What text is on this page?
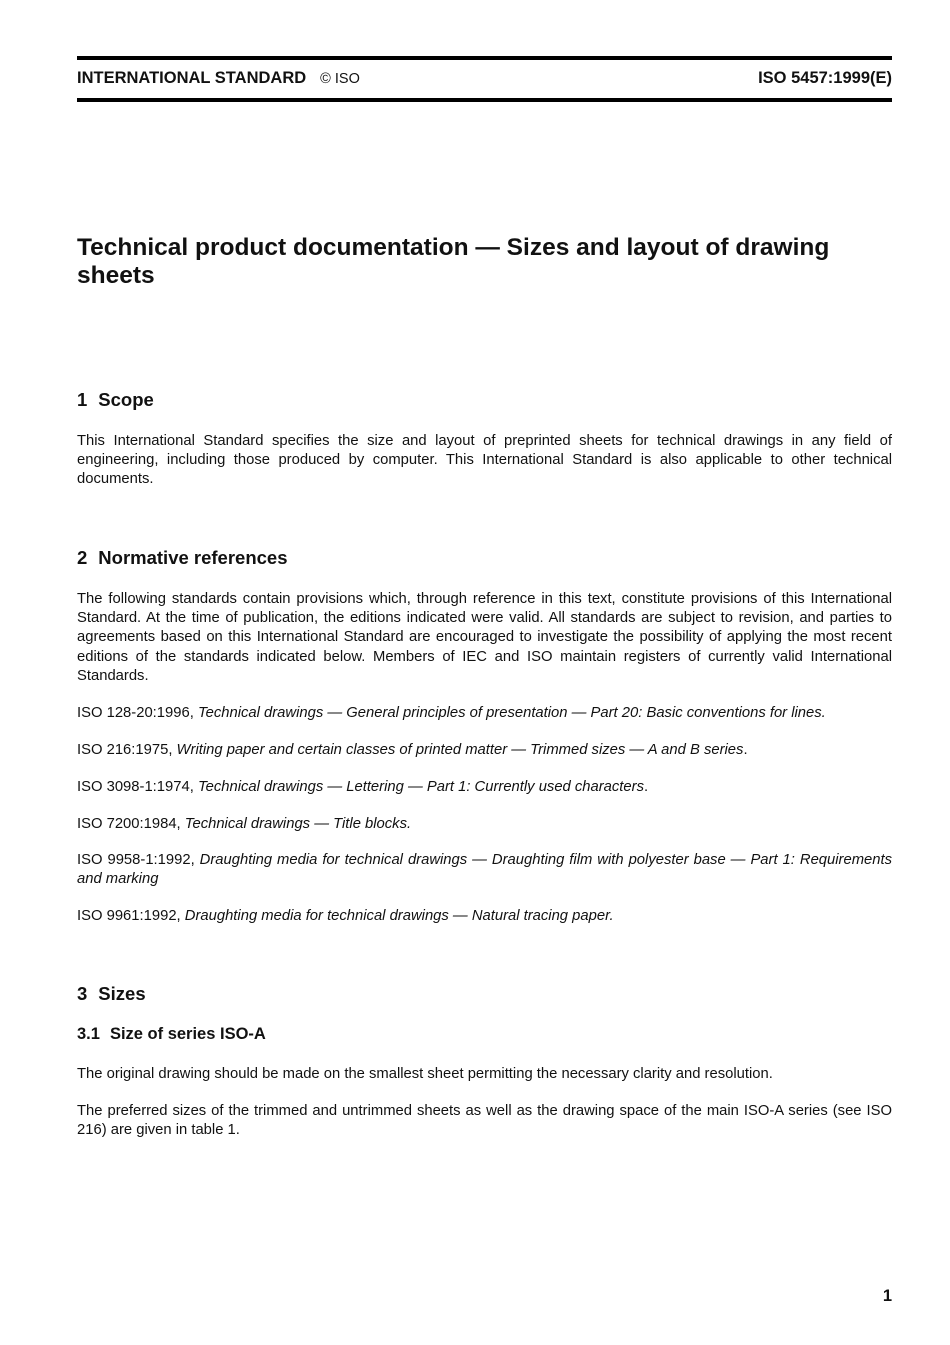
INTERNATIONAL STANDARD © ISO	ISO 5457:1999(E)
Technical product documentation — Sizes and layout of drawing sheets
1 Scope

This International Standard specifies the size and layout of preprinted sheets for technical drawings in any field of engineering, including those produced by computer. This International Standard is also applicable to other technical documents.

2 Normative references

The following standards contain provisions which, through reference in this text, constitute provisions of this International Standard. At the time of publication, the editions indicated were valid. All standards are subject to revision, and parties to agreements based on this International Standard are encouraged to investigate the possibility of applying the most recent editions of the standards indicated below. Members of IEC and ISO maintain registers of currently valid International Standards.

ISO 128-20:1996, Technical drawings — General principles of presentation — Part 20: Basic conventions for lines.

ISO 216:1975, Writing paper and certain classes of printed matter — Trimmed sizes — A and B series.

ISO 3098-1:1974, Technical drawings — Lettering — Part 1: Currently used characters.

ISO 7200:1984, Technical drawings — Title blocks.

ISO 9958-1:1992, Draughting media for technical drawings — Draughting film with polyester base — Part 1: Requirements and marking

ISO 9961:1992, Draughting media for technical drawings — Natural tracing paper.

3 Sizes
3.1 Size of series ISO-A

The original drawing should be made on the smallest sheet permitting the necessary clarity and resolution.

The preferred sizes of the trimmed and untrimmed sheets as well as the drawing space of the main ISO-A series (see ISO 216) are given in table 1.

1
